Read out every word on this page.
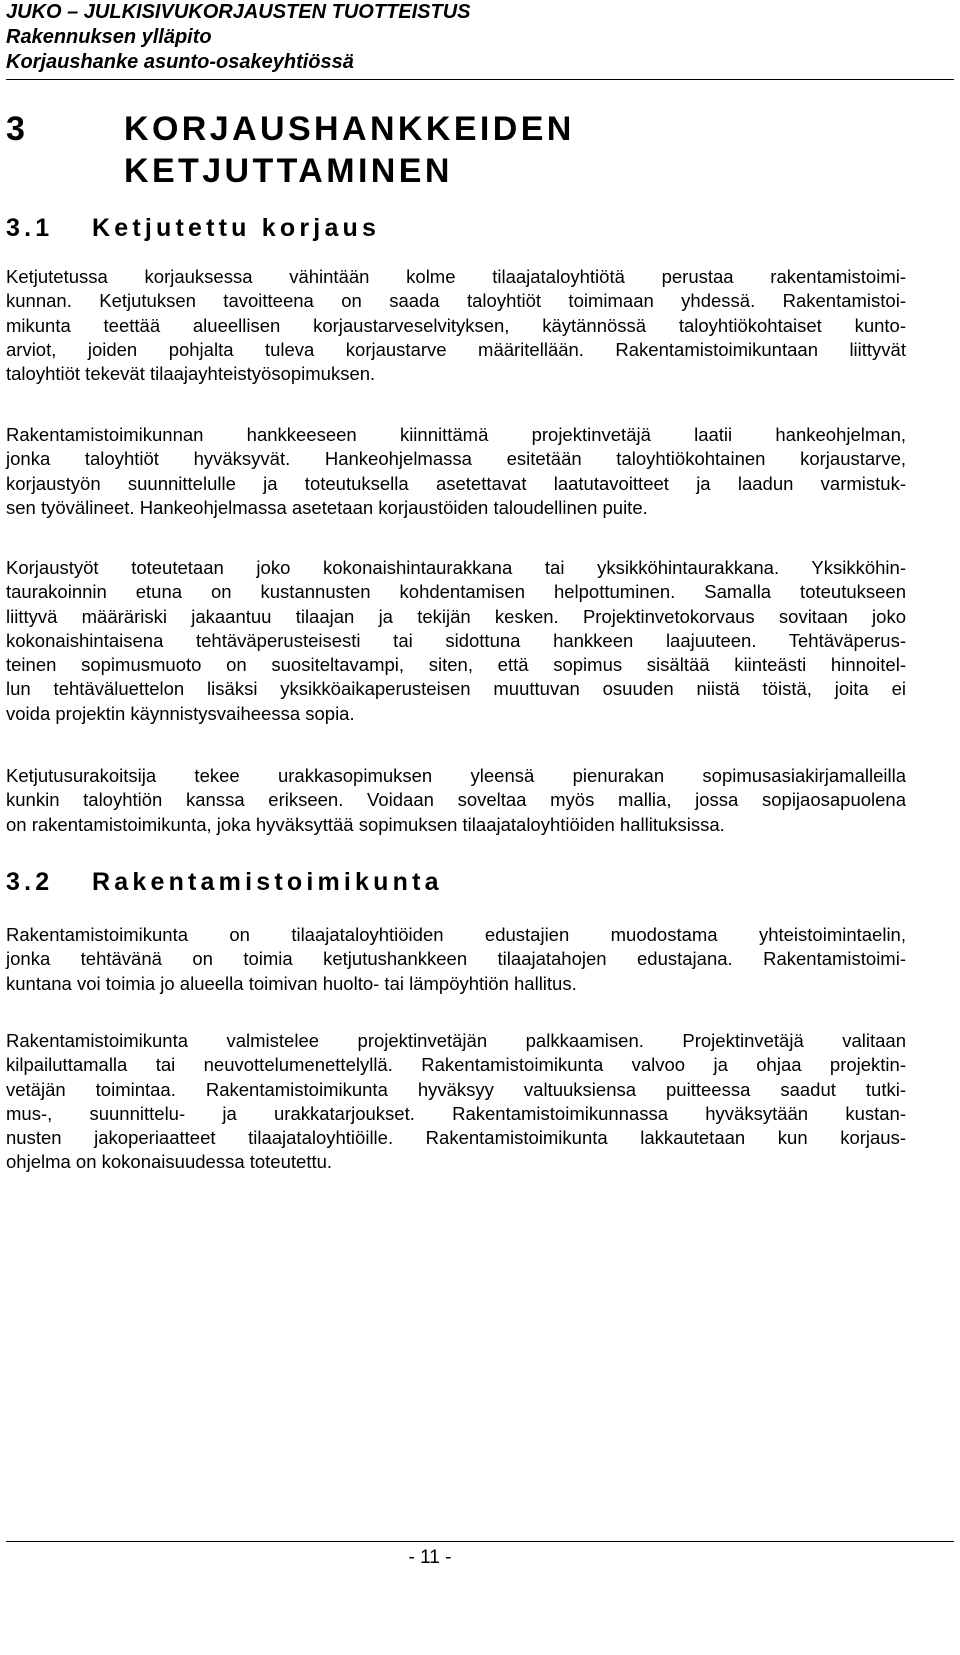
JUKO – JULKISIVUKORJAUSTEN TUOTTEISTUS
Rakennuksen ylläpito
Korjaushanke asunto-osakeyhtiössä
3	KORJAUSHANKKEIDEN
KETJUTTAMINEN
3.1 Ketjutettu korjaus
Ketjutetussa korjauksessa vähintään kolme tilaajataloyhtiötä perustaa rakentamistoimi-
kunnan. Ketjutuksen tavoitteena on saada taloyhtiöt toimimaan yhdessä. Rakentamistoi-
mikunta teettää alueellisen korjaustarveselvityksen, käytännössä taloyhtiökohtaiset kunto-
arviot, joiden pohjalta tuleva korjaustarve määritellään. Rakentamistoimikuntaan liittyvät
taloyhtiöt tekevät tilaajayhteistyösopimuksen.
Rakentamistoimikunnan hankkeeseen kiinnittämä projektinvetäjä laatii hankeohjelman,
jonka taloyhtiöt hyväksyvät. Hankeohjelmassa esitetään taloyhtiökohtainen korjaustarve,
korjaustyön suunnittelulle ja toteutuksella asetettavat laatutavoitteet ja laadun varmistuk-
sen työvälineet. Hankeohjelmassa asetetaan korjaustöiden taloudellinen puite.
Korjaustyöt toteutetaan joko kokonaishintaurakkana tai yksikköhintaurakkana. Yksikköhin-
taurakoinnin etuna on kustannusten kohdentamisen helpottuminen. Samalla toteutukseen
liittyvä määräriski jakaantuu tilaajan ja tekijän kesken. Projektinvetokorvaus sovitaan joko
kokonaishintaisena tehtäväperusteisesti tai sidottuna hankkeen laajuuteen. Tehtäväperus-
teinen sopimusmuoto on suositeltavampi, siten, että sopimus sisältää kiinteästi hinnoitel-
lun tehtäväluettelon lisäksi yksikköaikaperusteisen muuttuvan osuuden niistä töistä, joita ei
voida projektin käynnistysvaiheessa sopia.
Ketjutusurakoitsija tekee urakkasopimuksen yleensä pienurakan sopimusasiakirjamalleilla
kunkin taloyhtiön kanssa erikseen. Voidaan soveltaa myös mallia, jossa sopijaosapuolena
on rakentamistoimikunta, joka hyväksyttää sopimuksen tilaajataloyhtiöiden hallituksissa.
3.2 Rakentamistoimikunta
Rakentamistoimikunta on tilaajataloyhtiöiden edustajien muodostama yhteistoimintaelin,
jonka tehtävänä on toimia ketjutushankkeen tilaajatahojen edustajana. Rakentamistoimi-
kuntana voi toimia jo alueella toimivan huolto- tai lämpöyhtiön hallitus.
Rakentamistoimikunta valmistelee projektinvetäjän palkkaamisen. Projektinvetäjä valitaan
kilpailuttamalla tai neuvottelumenettelyllä. Rakentamistoimikunta valvoo ja ohjaa projektin-
vetäjän toimintaa. Rakentamistoimikunta hyväksyy valtuuksiensa puitteessa saadut tutki-
mus-, suunnittelu- ja urakkatarjoukset. Rakentamistoimikunnassa hyväksytään kustan-
nusten jakoperiaatteet tilaajataloyhtiöille. Rakentamistoimikunta lakkautetaan kun korjaus-
ohjelma on kokonaisuudessa toteutettu.
- 11 -
